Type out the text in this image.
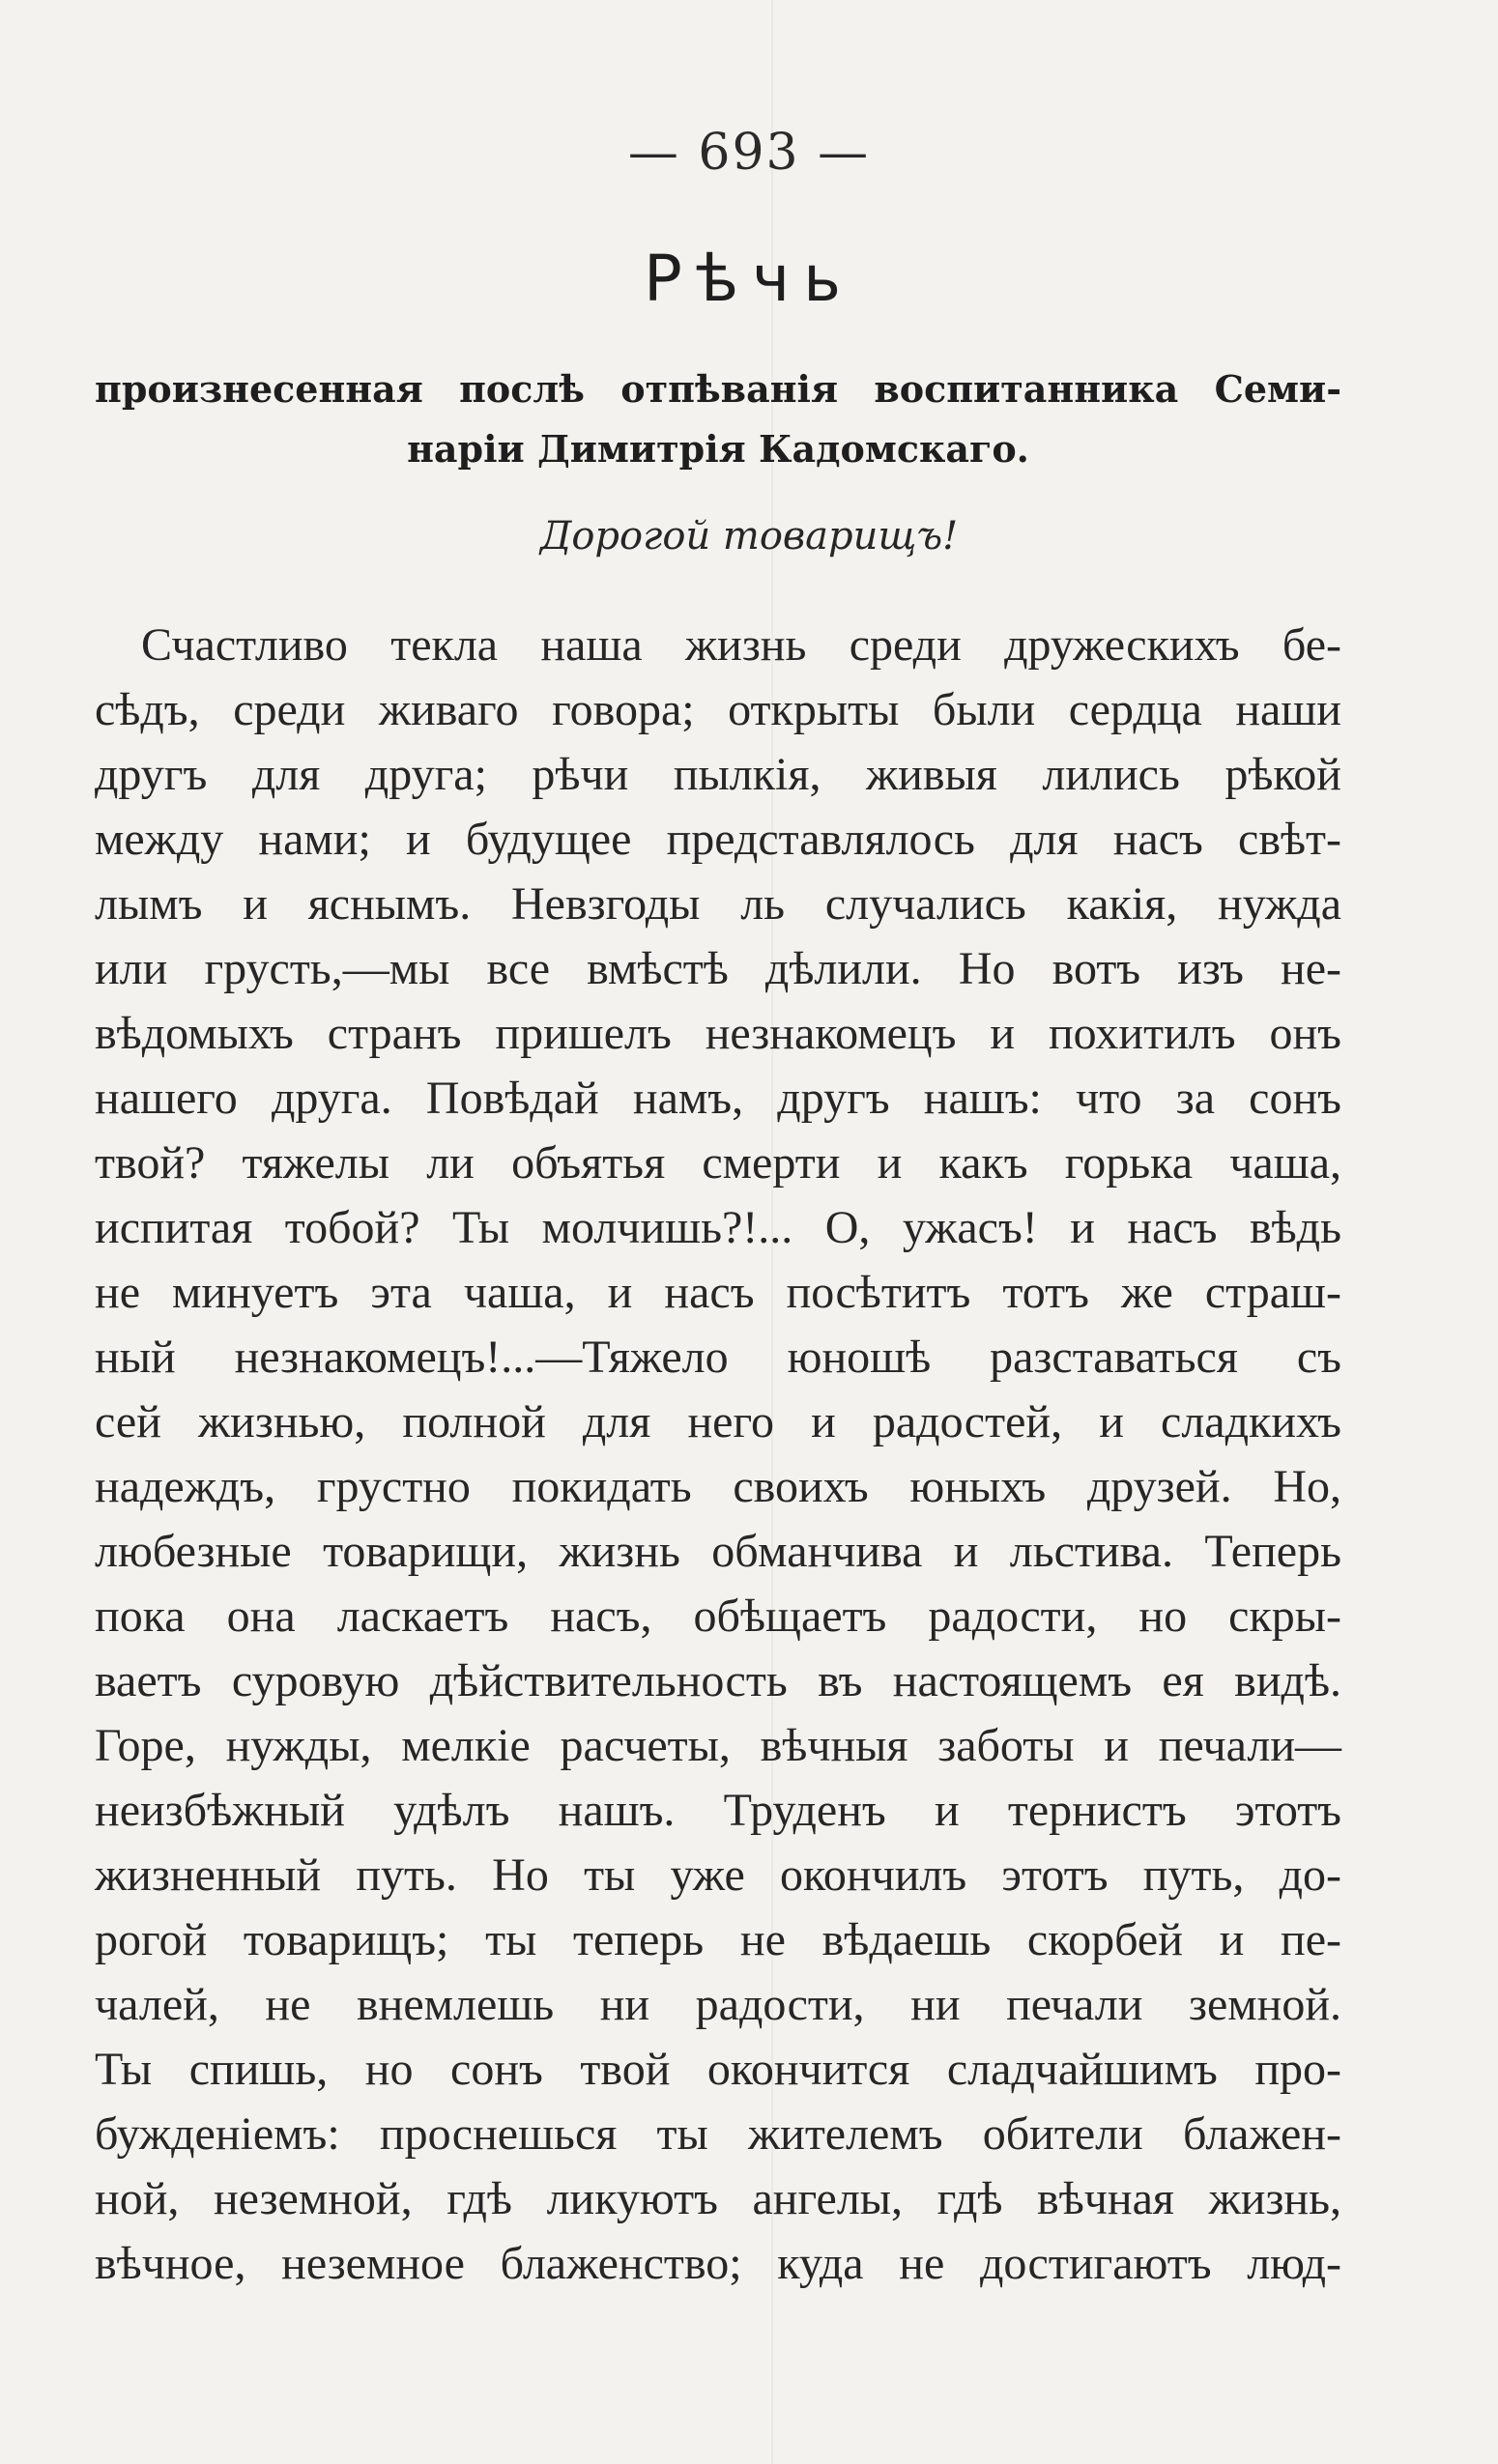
— 693 —
Рѣчь
произнесенная послѣ отпѣванія воспитанника Семи-
наріи Димитрія Кадомскаго.
Дорогой товарищъ!
Счастливо текла наша жизнь среди дружескихъ бе-
сѣдъ, среди живаго говора; открыты были сердца наши
другъ для друга; рѣчи пылкія, живыя лились рѣкой
между нами; и будущее представлялось для насъ свѣт-
лымъ и яснымъ. Невзгоды ль случались какія, нужда
или грусть,—мы все вмѣстѣ дѣлили. Но вотъ изъ не-
вѣдомыхъ странъ пришелъ незнакомецъ и похитилъ онъ
нашего друга. Повѣдай намъ, другъ нашъ: что за сонъ
твой? тяжелы ли объятья смерти и какъ горька чаша,
испитая тобой? Ты молчишь?!... О, ужасъ! и насъ вѣдь
не минуетъ эта чаша, и насъ посѣтитъ тотъ же страш-
ный незнакомецъ!...—Тяжело юношѣ разставаться съ
сей жизнью, полной для него и радостей, и сладкихъ
надеждъ, грустно покидать своихъ юныхъ друзей. Но,
любезные товарищи, жизнь обманчива и льстива. Теперь
пока она ласкаетъ насъ, обѣщаетъ радости, но скры-
ваетъ суровую дѣйствительность въ настоящемъ ея видѣ.
Горе, нужды, мелкіе расчеты, вѣчныя заботы и печали—
неизбѣжный удѣлъ нашъ. Труденъ и тернистъ этотъ
жизненный путь. Но ты уже окончилъ этотъ путь, до-
рогой товарищъ; ты теперь не вѣдаешь скорбей и пе-
чалей, не внемлешь ни радости, ни печали земной.
Ты спишь, но сонъ твой окончится сладчайшимъ про-
бужденіемъ: проснешься ты жителемъ обители блажен-
ной, неземной, гдѣ ликуютъ ангелы, гдѣ вѣчная жизнь,
вѣчное, неземное блаженство; куда не достигаютъ люд-
